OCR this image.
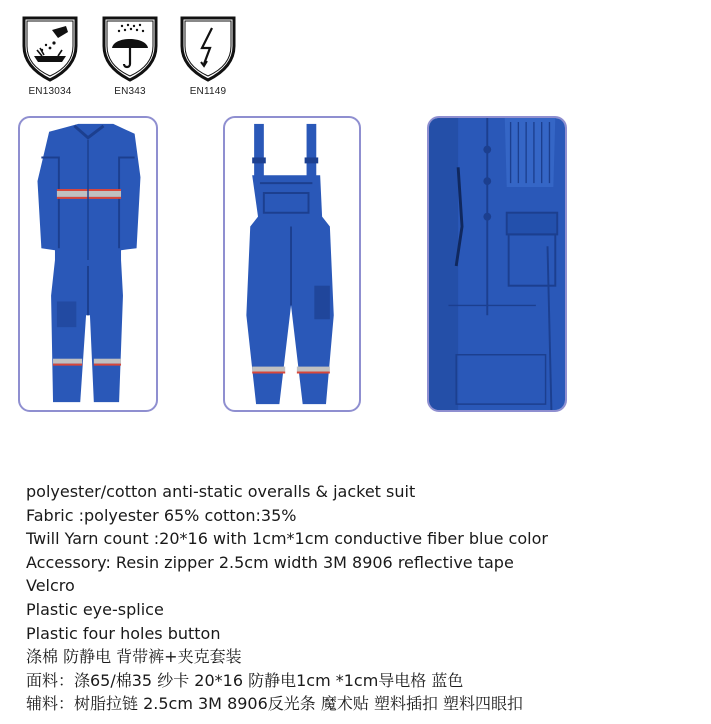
EN13034	EN343	EN1149
polyester/cotton anti-static overalls & jacket suit
Fabric :polyester 65% cotton:35%
Twill Yarn count :20*16 with 1cm*1cm conductive fiber blue color
Accessory: Resin zipper 2.5cm width 3M 8906 reflective tape
Velcro
Plastic eye-splice
Plastic four holes button
涤棉 防静电 背带裤+夹克套装
面料：涤65/棉35 纱卡 20*16 防静电1cm *1cm导电格 蓝色
辅料：树脂拉链 2.5cm 3M 8906反光条 魔术贴 塑料插扣 塑料四眼扣
